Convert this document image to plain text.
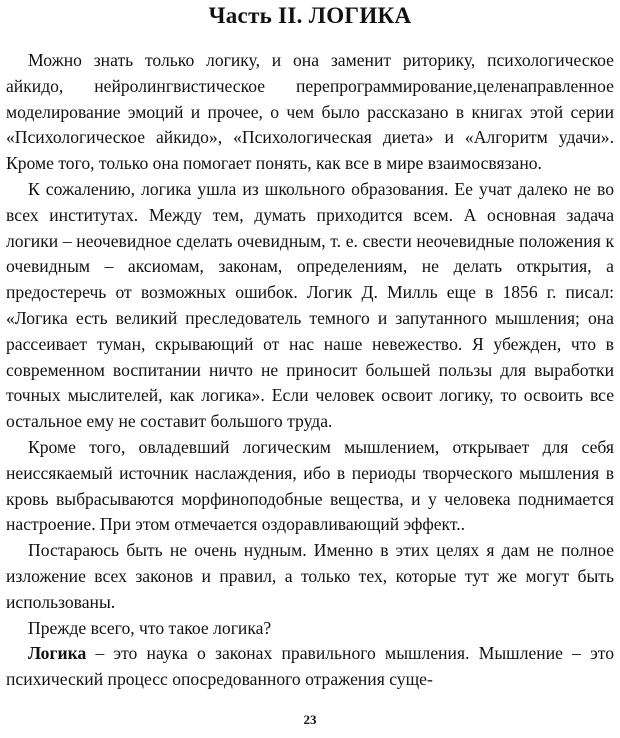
Часть II. ЛОГИКА

Можно знать только логику, и она заменит риторику, психологическое айкидо, нейролингвистическое перепрограммирование,целенаправленное моделирование эмоций и прочее, о чем было рассказано в книгах этой серии «Психологическое айкидо», «Психологическая диета» и «Алгоритм удачи». Кроме того, только она помогает понять, как все в мире взаимосвязано.

К сожалению, логика ушла из школьного образования. Ее учат далеко не во всех институтах. Между тем, думать приходится всем. А основная задача логики – неочевидное сделать очевидным, т. е. свести неочевидные положения к очевидным – аксиомам, законам, определениям, не делать открытия, а предостеречь от возможных ошибок. Логик Д. Милль еще в 1856 г. писал: «Логика есть великий преследователь темного и запутанного мышления; она рассеивает туман, скрывающий от нас наше невежество. Я убежден, что в современном воспитании ничто не приносит большей пользы для выработки точных мыслителей, как логика». Если человек освоит логику, то освоить все остальное ему не составит большого труда.

Кроме того, овладевший логическим мышлением, открывает для себя неиссякаемый источник наслаждения, ибо в периоды творческого мышления в кровь выбрасываются морфиноподобные вещества, и у человека поднимается настроение. При этом отмечается оздоравливающий эффект..

Постараюсь быть не очень нудным. Именно в этих целях я дам не полное изложение всех законов и правил, а только тех, которые тут же могут быть использованы.

Прежде всего, что такое логика?

Логика – это наука о законах правильного мышления. Мышление – это психический процесс опосредованного отражения суще-

23
